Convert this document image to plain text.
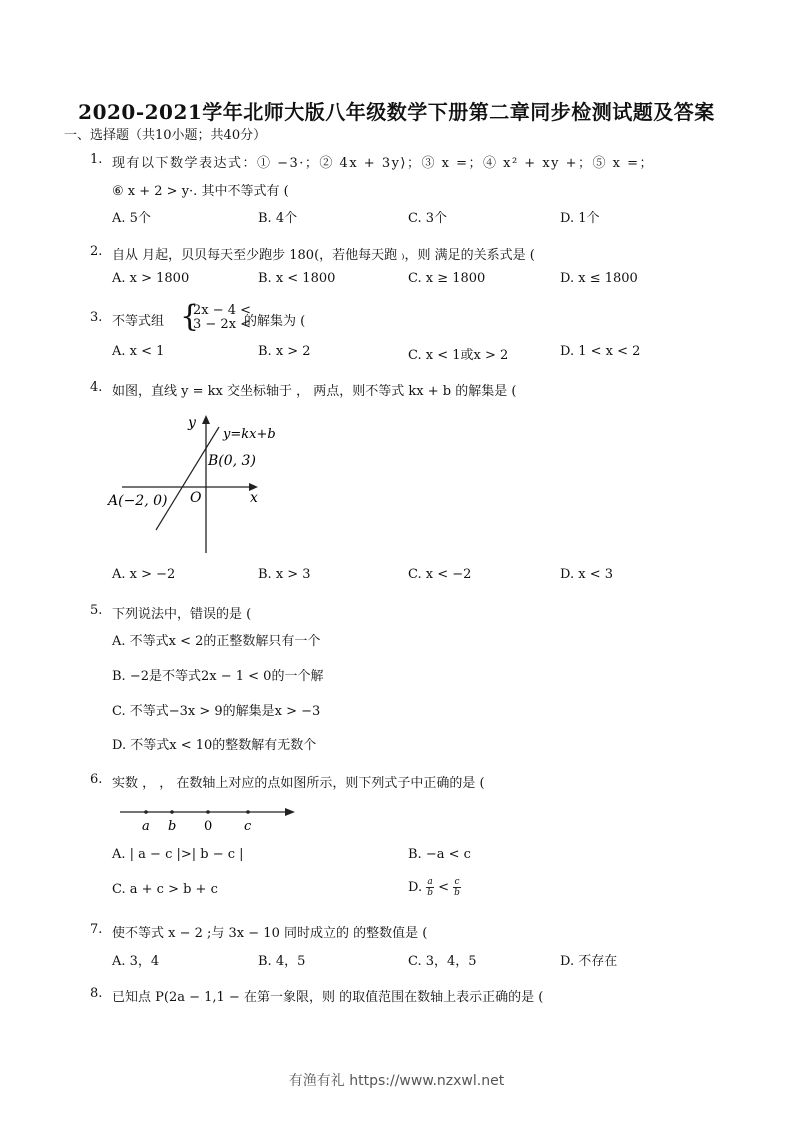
2020-2021学年北师大版八年级数学下册第二章同步检测试题及答案
一、选择题（共10小题；共40分）
1. 现有以下数学表达式：① −3·；② 4x + 3y⟩；③ x =；④ x² + xy +；⑤ x =；
⑥ x + 2 > y·. 其中不等式有 (
A. 5个	B. 4个	C. 3个	D. 1个
2. 自从 月起，贝贝每天至少跑步 180(，若他每天跑 ₎，则 满足的关系式是 (
A. x > 1800	B. x < 1800	C. x ≥ 1800	D. x ≤ 1800
3. 不等式组 {
2x − 4 <
3 − 2x <
的解集为 (
A. x < 1	B. x > 2	C. x < 1或x > 2	D. 1 < x < 2
4. 如图，直线 y = kx 交坐标轴于 ， 两点，则不等式 kx + b 的解集是 (
y
x
O
y=kx+b
B(0, 3)
A(−2, 0)
A. x > −2	B. x > 3	C. x < −2	D. x < 3
5. 下列说法中，错误的是 (
A. 不等式x < 2的正整数解只有一个
B. −2是不等式2x − 1 < 0的一个解
C. 不等式−3x > 9的解集是x > −3
D. 不等式x < 10的整数解有无数个
6. 实数 ， ， 在数轴上对应的点如图所示，则下列式子中正确的是 (
a b 0 c
A. | a − c |>| b − c |	B. −a < c
C. a + c > b + c	D. a
b < c
b
7. 使不等式 x − 2 ;与 3x − 10 同时成立的 的整数值是 (
A. 3，4	B. 4，5	C. 3，4，5	D. 不存在
8. 已知点 P(2a − 1,1 − 在第一象限，则 的取值范围在数轴上表示正确的是 (
有渔有礼 https://www.nzxwl.net
